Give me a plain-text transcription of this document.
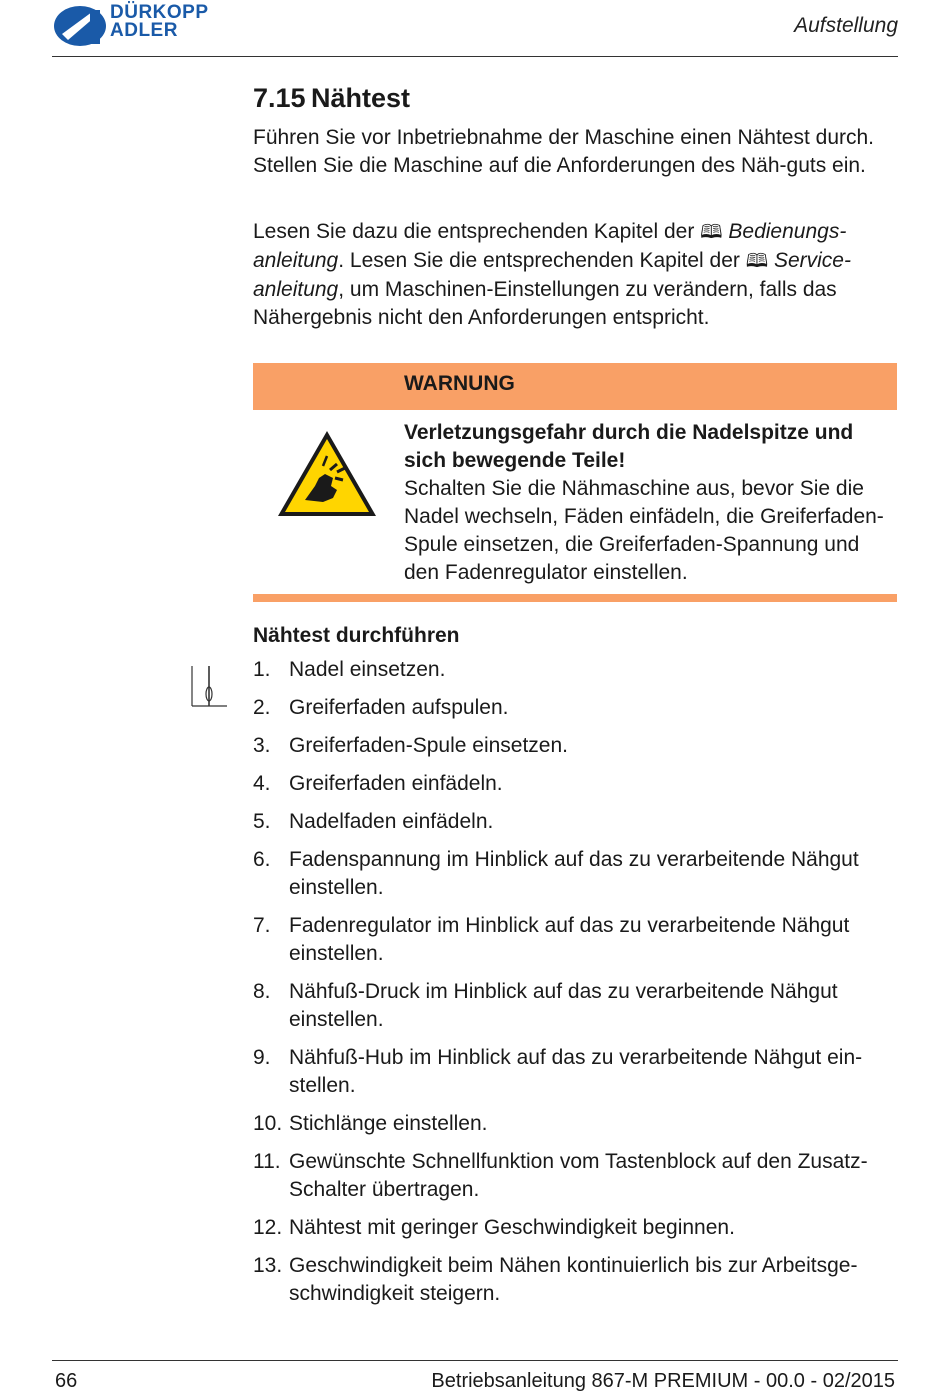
DÜRKOPP
ADLER	Aufstellung
7.15 Nähtest

Führen Sie vor Inbetriebnahme der Maschine einen Nähtest durch. Stellen Sie die Maschine auf die Anforderungen des Näh-guts ein.

Lesen Sie dazu die entsprechenden Kapitel der 🕮 Bedienungs-anleitung. Lesen Sie die entsprechenden Kapitel der 🕮 Service-anleitung, um Maschinen-Einstellungen zu verändern, falls das Nähergebnis nicht den Anforderungen entspricht.

WARNUNG
Verletzungsgefahr durch die Nadelspitze und sich bewegende Teile!
Schalten Sie die Nähmaschine aus, bevor Sie die Nadel wechseln, Fäden einfädeln, die Greiferfaden-Spule einsetzen, die Greiferfaden-Spannung und den Fadenregulator einstellen.
Nähtest durchführen
1. Nadel einsetzen.
2. Greiferfaden aufspulen.
3. Greiferfaden-Spule einsetzen.
4. Greiferfaden einfädeln.
5. Nadelfaden einfädeln.
6. Fadenspannung im Hinblick auf das zu verarbeitende Nähgut einstellen.
7. Fadenregulator im Hinblick auf das zu verarbeitende Nähgut einstellen.
8. Nähfuß-Druck im Hinblick auf das zu verarbeitende Nähgut einstellen.
9. Nähfuß-Hub im Hinblick auf das zu verarbeitende Nähgut ein-stellen.
10. Stichlänge einstellen.
11. Gewünschte Schnellfunktion vom Tastenblock auf den Zusatz-Schalter übertragen.
12. Nähtest mit geringer Geschwindigkeit beginnen.
13. Geschwindigkeit beim Nähen kontinuierlich bis zur Arbeitsge-schwindigkeit steigern.
66	Betriebsanleitung 867-M PREMIUM - 00.0 - 02/2015
